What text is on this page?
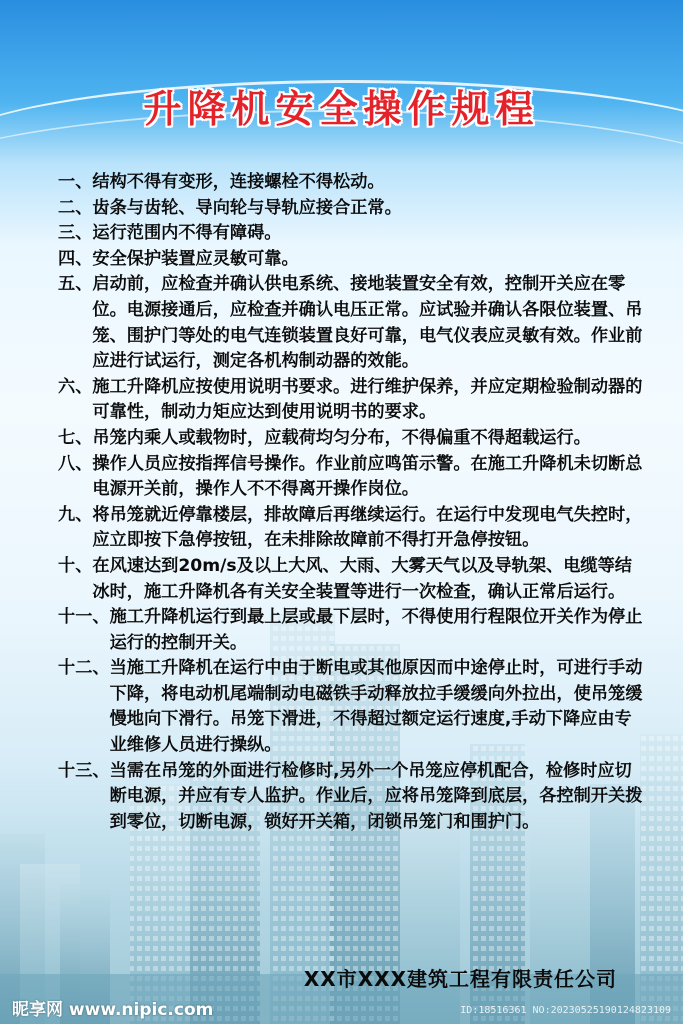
升降机安全操作规程
一、 结构不得有变形，连接螺栓不得松动。
二、 齿条与齿轮、导向轮与导轨应接合正常。
三、 运行范围内不得有障碍。
四、 安全保护装置应灵敏可靠。
五、 启动前，应检查并确认供电系统、接地装置安全有效，控制开关应在零位。电源接通后，应检查并确认电压正常。应试验并确认各限位装置、吊笼、围护门等处的电气连锁装置良好可靠，电气仪表应灵敏有效。作业前应进行试运行，测定各机构制动器的效能。
六、 施工升降机应按使用说明书要求。进行维护保养，并应定期检验制动器的可靠性，制动力矩应达到使用说明书的要求。
七、 吊笼内乘人或载物时，应载荷均匀分布，不得偏重不得超载运行。
八、 操作人员应按指挥信号操作。作业前应鸣笛示警。在施工升降机未切断总电源开关前，操作人不不得离开操作岗位。
九、 将吊笼就近停靠楼层，排故障后再继续运行。在运行中发现电气失控时，应立即按下急停按钮，在未排除故障前不得打开急停按钮。
十、 在风速达到20m/s及以上大风、大雨、大雾天气以及导轨架、电缆等结冰时，施工升降机各有关安全装置等进行一次检查，确认正常后运行。
十一、 施工升降机运行到最上层或最下层时，不得使用行程限位开关作为停止运行的控制开关。
十二、 当施工升降机在运行中由于断电或其他原因而中途停止时，可进行手动下降，将电动机尾端制动电磁铁手动释放拉手缓缓向外拉出，使吊笼缓慢地向下滑行。吊笼下滑进，不得超过额定运行速度,手动下降应由专业维修人员进行操纵。
十三、 当需在吊笼的外面进行检修时,另外一个吊笼应停机配合，检修时应切断电源，并应有专人监护。作业后，应将吊笼降到底层，各控制开关拨到零位，切断电源，锁好开关箱，闭锁吊笼门和围护门。
XX市XXX建筑工程有限责任公司
昵享网 www.nipic.com	ID:18516361 NO:20230525190124823109
